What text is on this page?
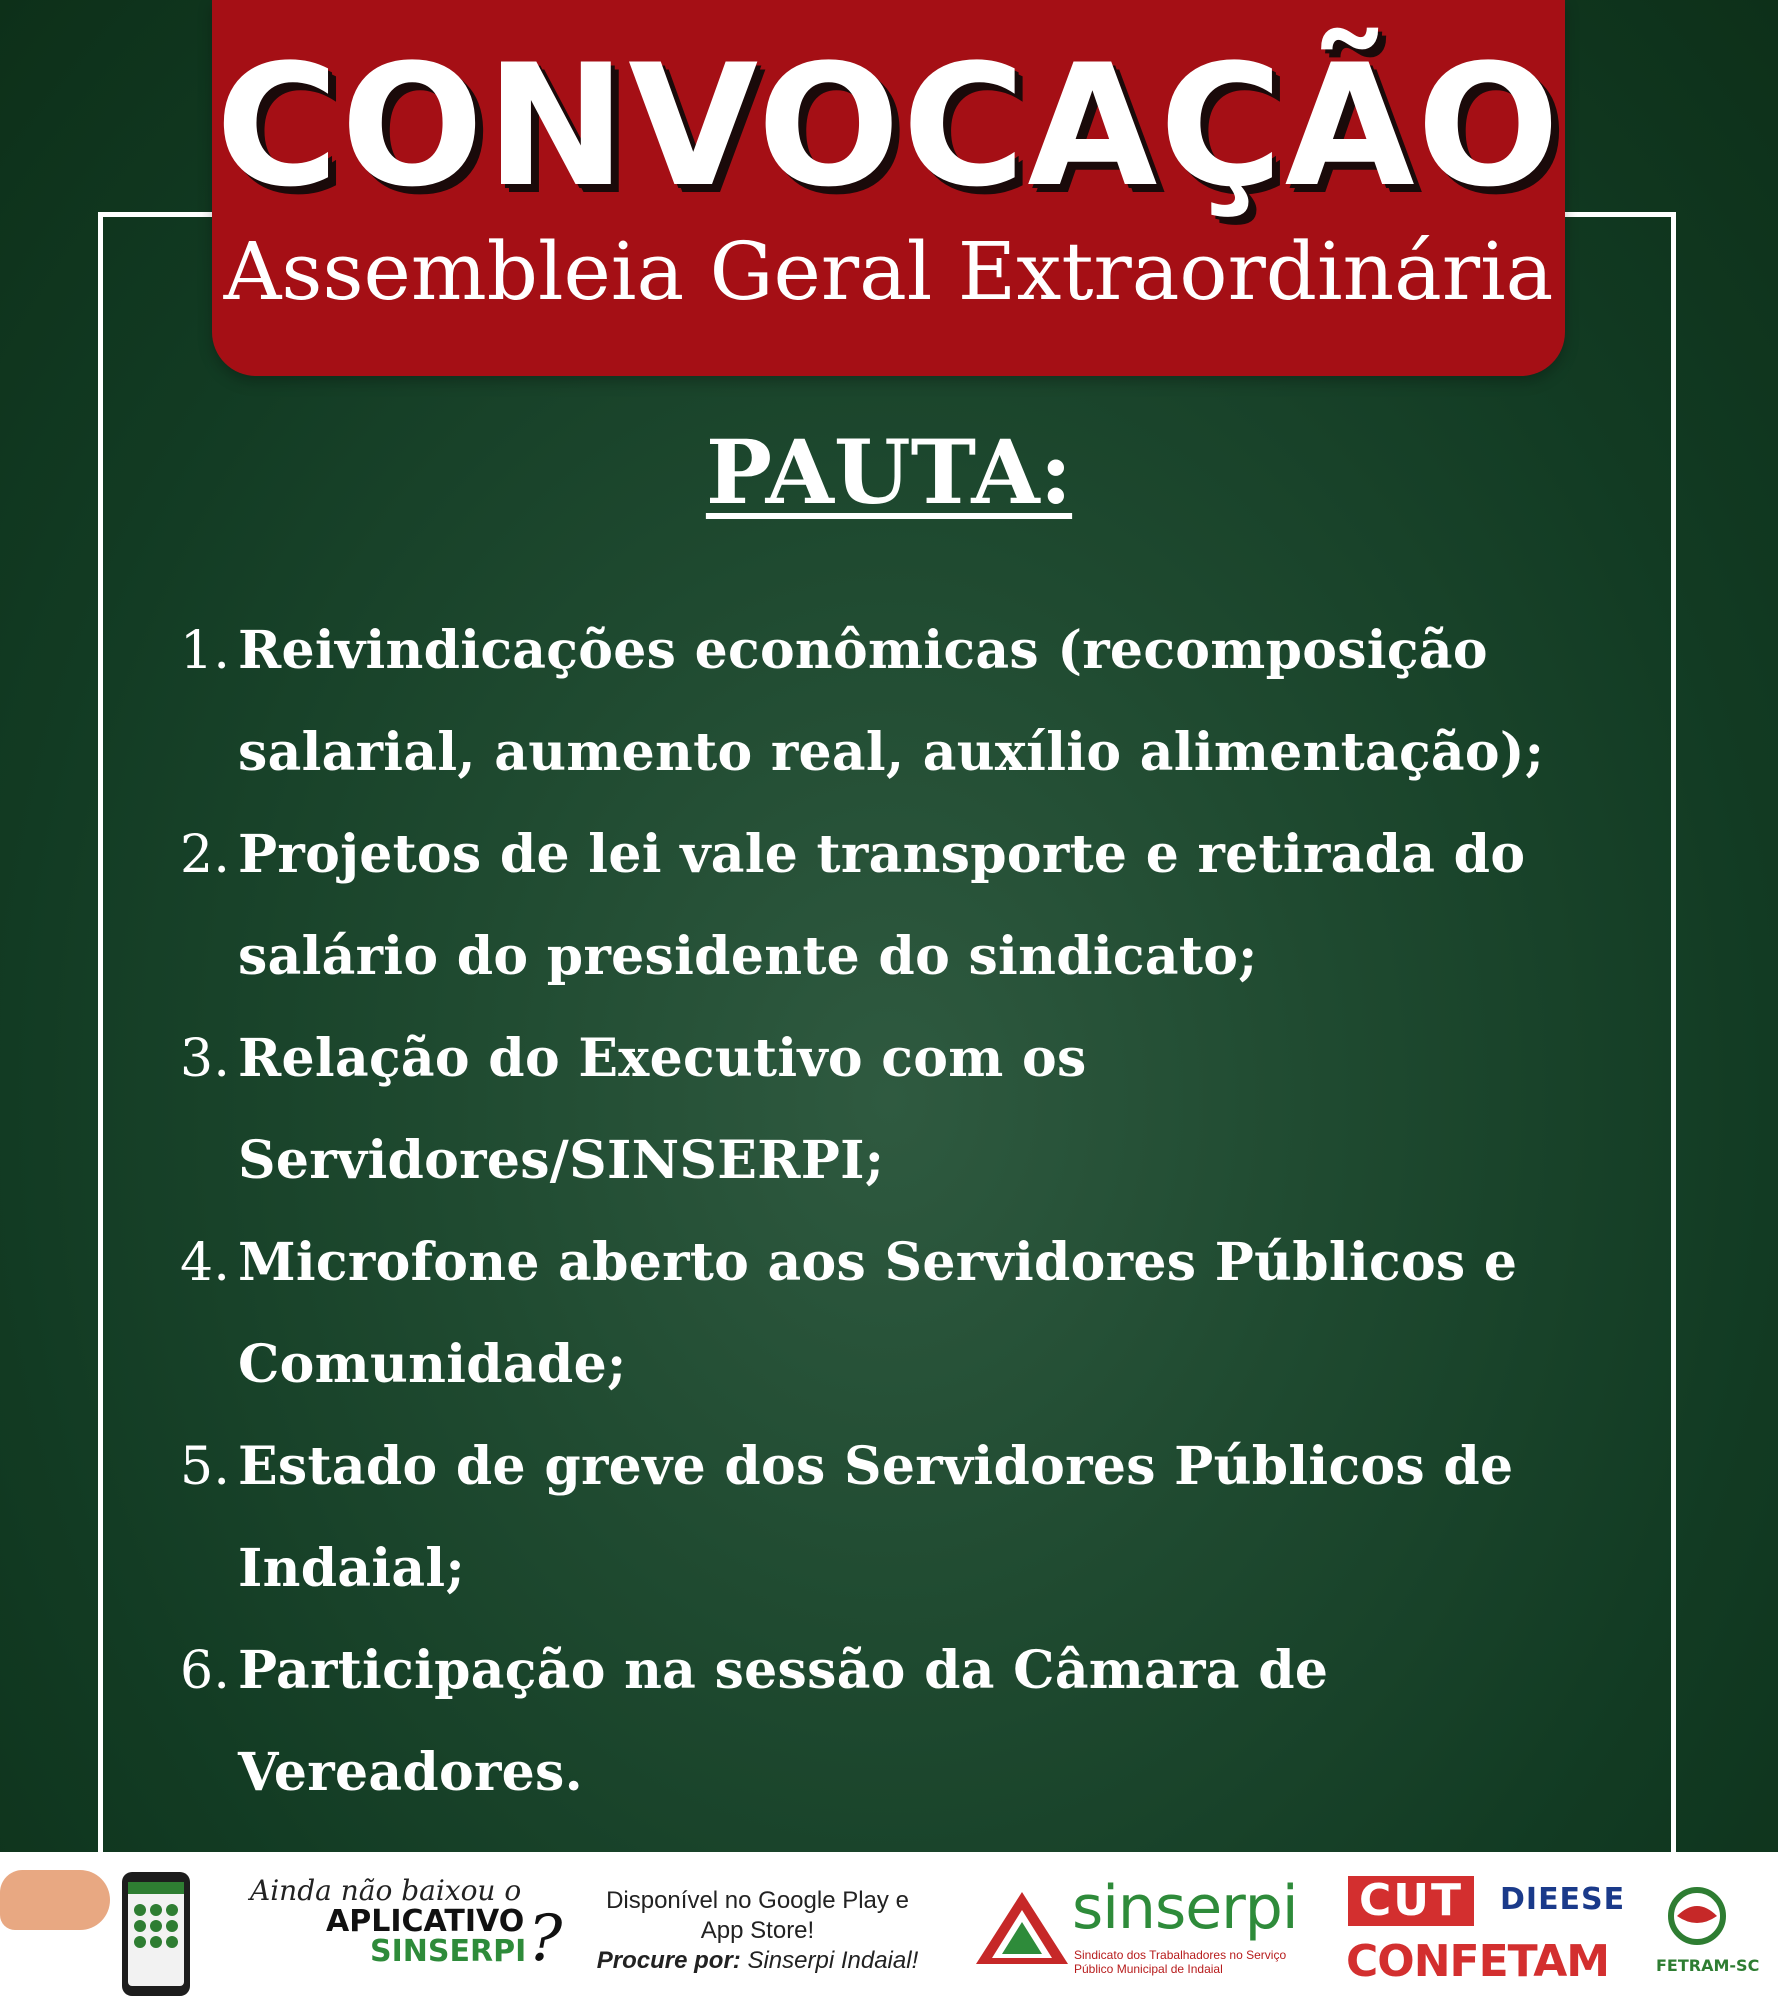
CONVOCAÇÃO
Assembleia Geral Extraordinária
PAUTA:
1. Reivindicações econômicas (recomposição salarial, aumento real, auxílio alimentação);
2. Projetos de lei vale transporte e retirada do salário do presidente do sindicato;
3. Relação do Executivo com os Servidores/SINSERPI;
4. Microfone aberto aos Servidores Públicos e Comunidade;
5. Estado de greve dos Servidores Públicos de Indaial;
6. Participação na sessão da Câmara de Vereadores.
Ainda não baixou o
APLICATIVO
SINSERPI ?
Disponível no Google Play e
App Store!
Procure por: Sinserpi Indaial!
sinserpi
Sindicato dos Trabalhadores no Serviço Público Municipal de Indaial
CUT	DIEESE
CONFETAM	FETRAM-SC
